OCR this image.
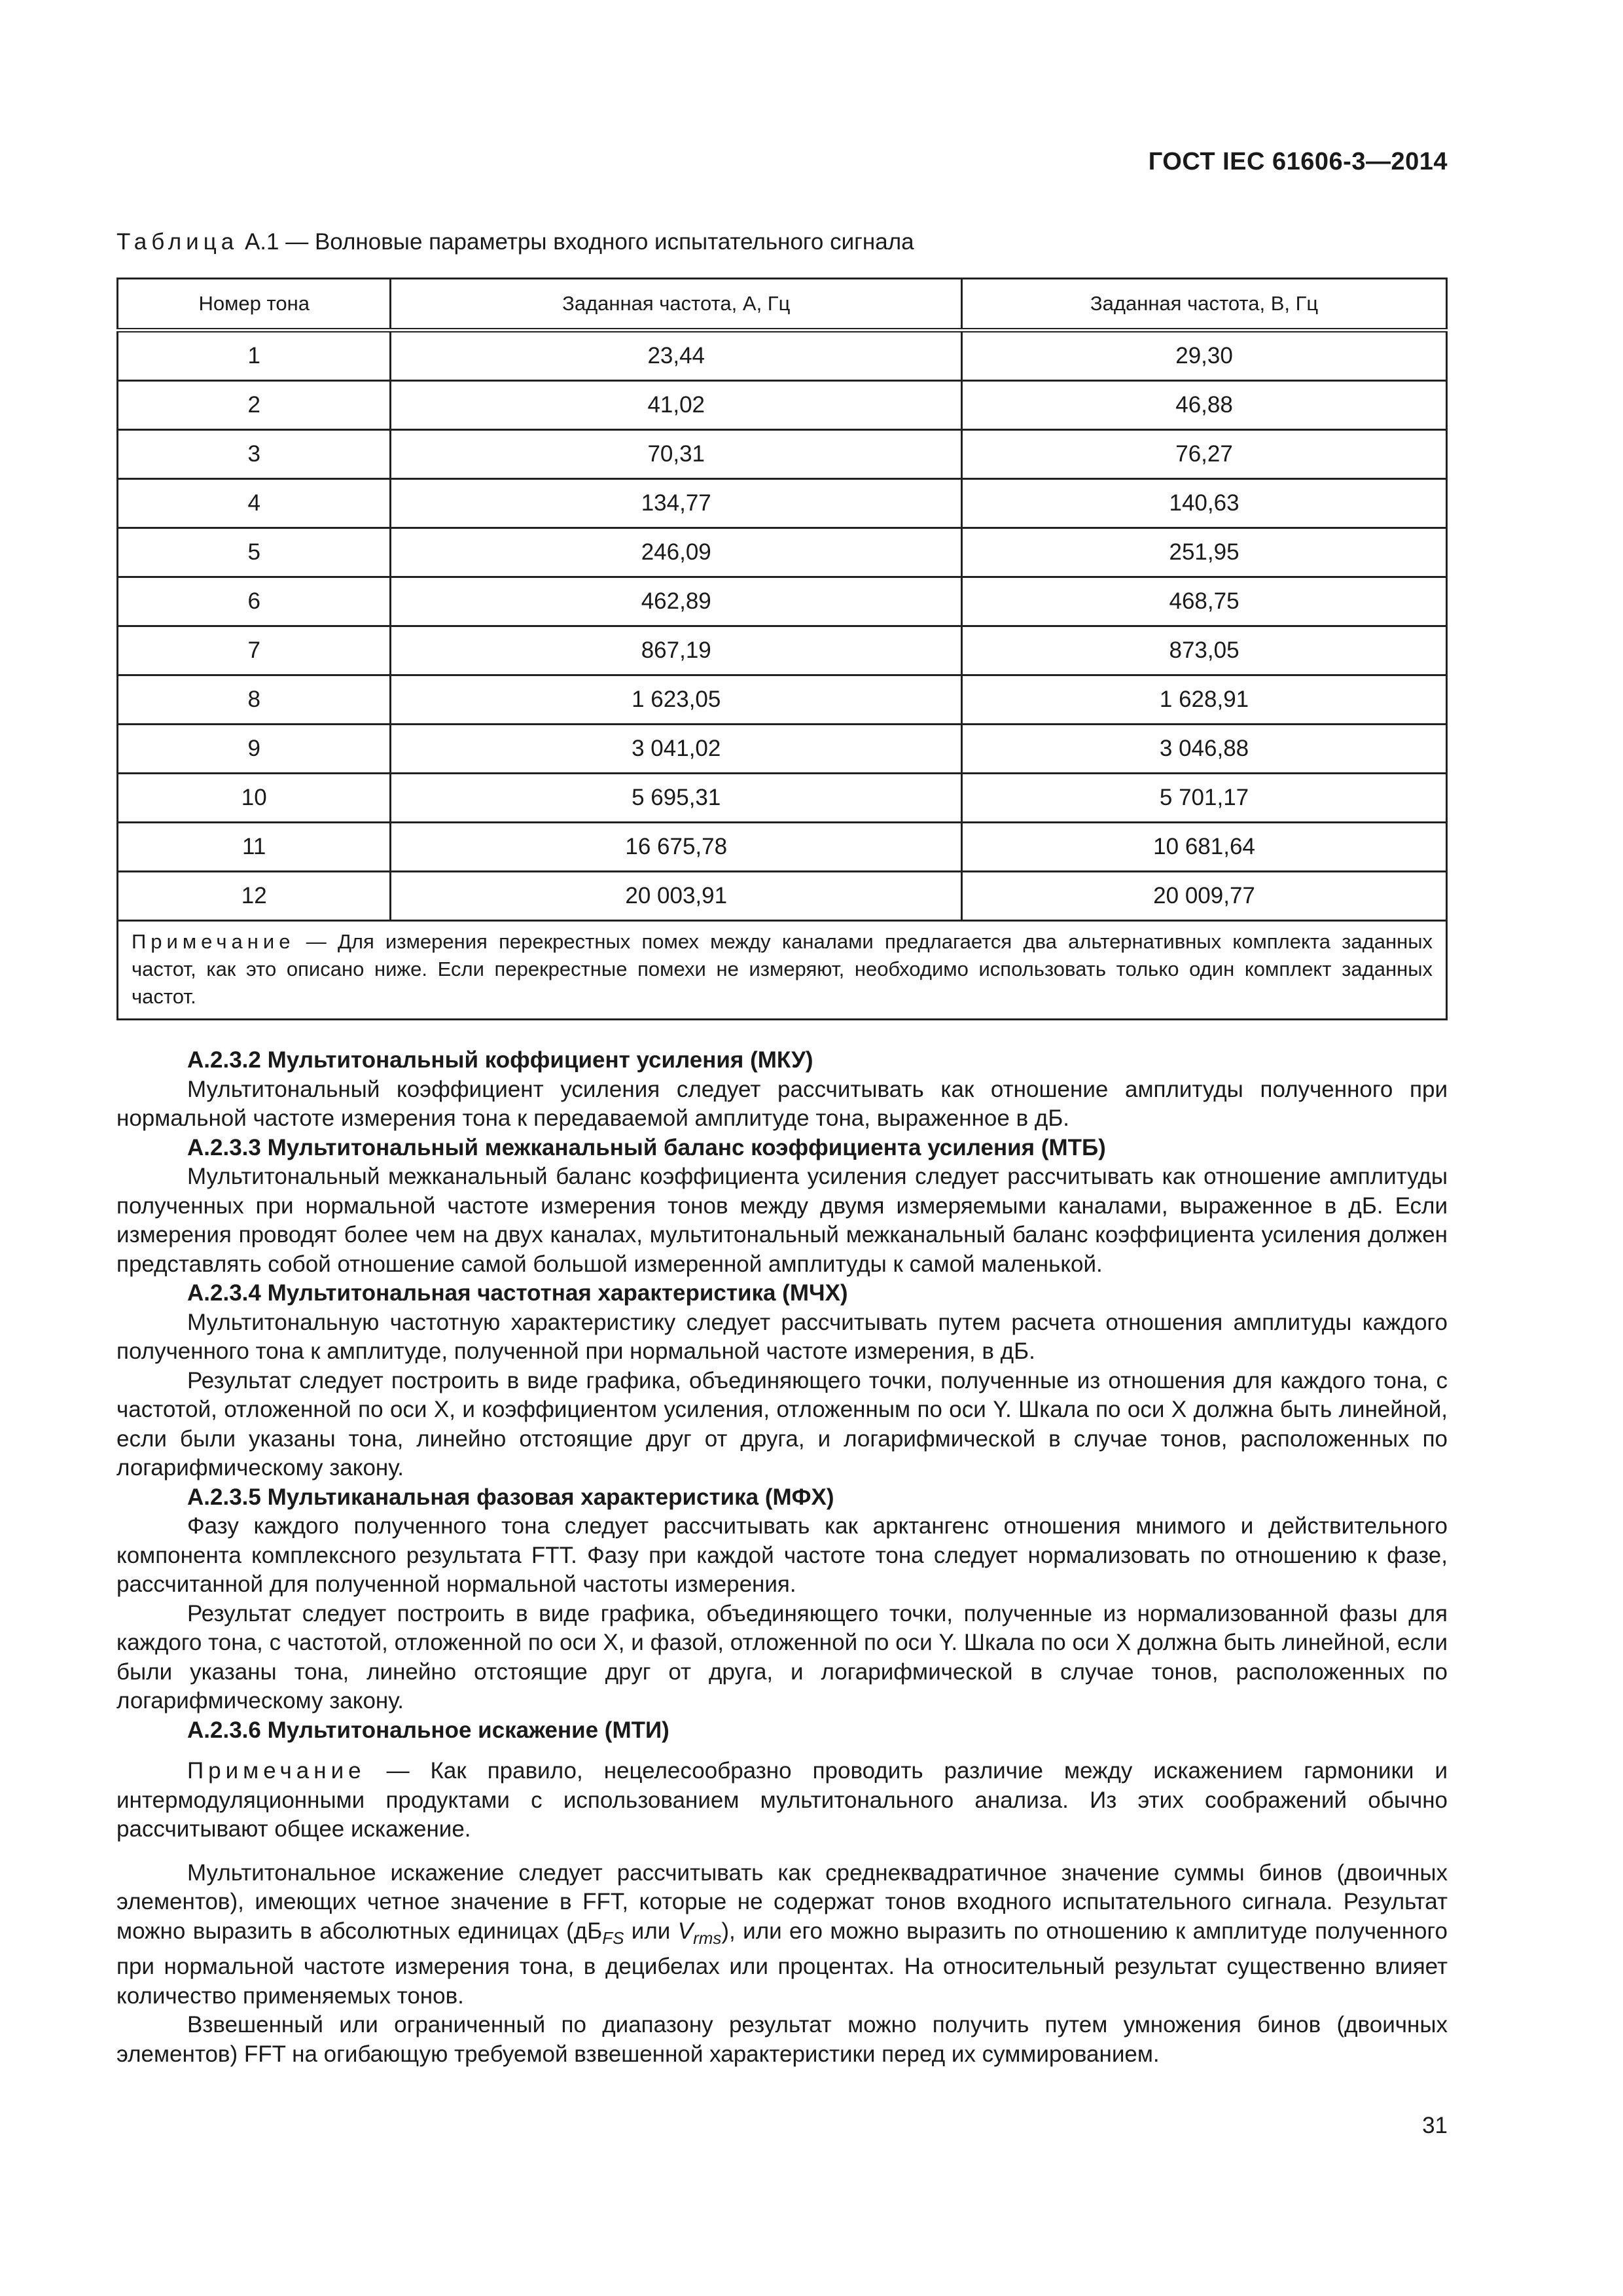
ГОСТ IEC 61606-3—2014
Таблица А.1 — Волновые параметры входного испытательного сигнала
Номер тона	Заданная частота, А, Гц	Заданная частота, В, Гц
1	23,44	29,30
2	41,02	46,88
3	70,31	76,27
4	134,77	140,63
5	246,09	251,95
6	462,89	468,75
7	867,19	873,05
8	1 623,05	1 628,91
9	3 041,02	3 046,88
10	5 695,31	5 701,17
11	16 675,78	10 681,64
12	20 003,91	20 009,77
Примечание — Для измерения перекрестных помех между каналами предлагается два альтернативных комплекта заданных частот, как это описано ниже. Если перекрестные помехи не измеряют, необходимо использовать только один комплект заданных частот.		

А.2.3.2 Мультитональный коффициент усиления (МКУ)

Мультитональный коэффициент усиления следует рассчитывать как отношение амплитуды полученного при нормальной частоте измерения тона к передаваемой амплитуде тона, выраженное в дБ.

А.2.3.3 Мультитональный межканальный баланс коэффициента усиления (МТБ)

Мультитональный межканальный баланс коэффициента усиления следует рассчитывать как отношение амплитуды полученных при нормальной частоте измерения тонов между двумя измеряемыми каналами, выраженное в дБ. Если измерения проводят более чем на двух каналах, мультитональный межканальный баланс коэффициента усиления должен представлять собой отношение самой большой измеренной амплитуды к самой маленькой.

А.2.3.4 Мультитональная частотная характеристика (МЧХ)

Мультитональную частотную характеристику следует рассчитывать путем расчета отношения амплитуды каждого полученного тона к амплитуде, полученной при нормальной частоте измерения, в дБ.

Результат следует построить в виде графика, объединяющего точки, полученные из отношения для каждого тона, с частотой, отложенной по оси X, и коэффициентом усиления, отложенным по оси Y. Шкала по оси X должна быть линейной, если были указаны тона, линейно отстоящие друг от друга, и логарифмической в случае тонов, расположенных по логарифмическому закону.

А.2.3.5 Мультиканальная фазовая характеристика (МФХ)

Фазу каждого полученного тона следует рассчитывать как арктангенс отношения мнимого и действительного компонента комплексного результата FTT. Фазу при каждой частоте тона следует нормализовать по отношению к фазе, рассчитанной для полученной нормальной частоты измерения.

Результат следует построить в виде графика, объединяющего точки, полученные из нормализованной фазы для каждого тона, с частотой, отложенной по оси X, и фазой, отложенной по оси Y. Шкала по оси X должна быть линейной, если были указаны тона, линейно отстоящие друг от друга, и логарифмической в случае тонов, расположенных по логарифмическому закону.

А.2.3.6 Мультитональное искажение (МТИ)

Примечание — Как правило, нецелесообразно проводить различие между искажением гармоники и интермодуляционными продуктами с использованием мультитонального анализа. Из этих соображений обычно рассчитывают общее искажение.

Мультитональное искажение следует рассчитывать как среднеквадратичное значение суммы бинов (двоичных элементов), имеющих четное значение в FFT, которые не содержат тонов входного испытательного сигнала. Результат можно выразить в абсолютных единицах ($дБ_{FS}$ или $V_{rms}$), или его можно выразить по отношению к амплитуде полученного при нормальной частоте измерения тона, в децибелах или процентах. На относительный результат существенно влияет количество применяемых тонов.

Взвешенный или ограниченный по диапазону результат можно получить путем умножения бинов (двоичных элементов) FFT на огибающую требуемой взвешенной характеристики перед их суммированием.

31
